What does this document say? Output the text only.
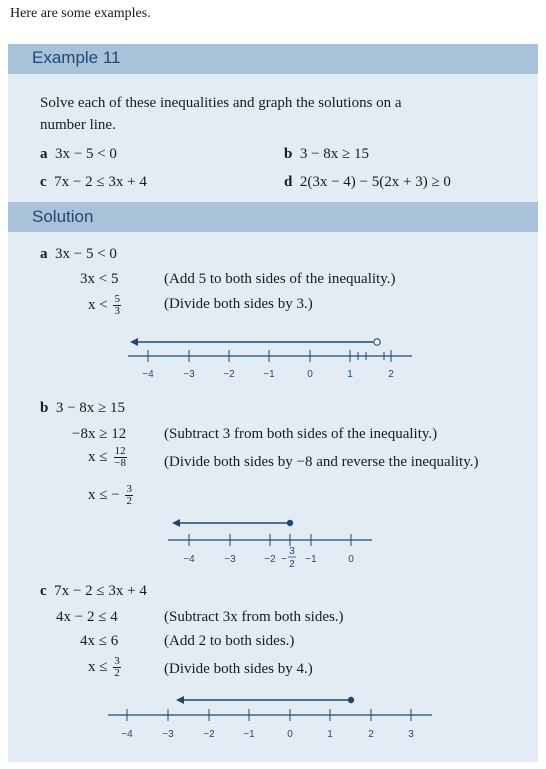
Here are some examples.
Example 11
Solve each of these inequalities and graph the solutions on a
number line.
a 3x − 5 < 0	b 3 − 8x ≥ 15
c 7x − 2 ≤ 3x + 4	d 2(3x − 4) − 5(2x + 3) ≥ 0
Solution
a 3x − 5 < 0
3x < 5	(Add 5 to both sides of the inequality.)
$x < \frac{5}{3}$	(Divide both sides by 3.)
b 3 − 8x ≥ 15
−8x ≥ 12	(Subtract 3 from both sides of the inequality.)
$x \le \frac{12}{-8}$ (Divide both sides by −8 and reverse the inequality.)
x ≤ − $\frac{3}{2}$
c 7x − 2 ≤ 3x + 4
4x − 2 ≤ 4	(Subtract 3x from both sides.)
4x ≤ 6	(Add 2 to both sides.)
$x \le \frac{3}{2}$	(Divide both sides by 4.)
−4	−3	−2	−1	0	1	2
−4	−3	−2	−1	0
−
3
2
−4	−3	−2	−1	0	1	2	3
